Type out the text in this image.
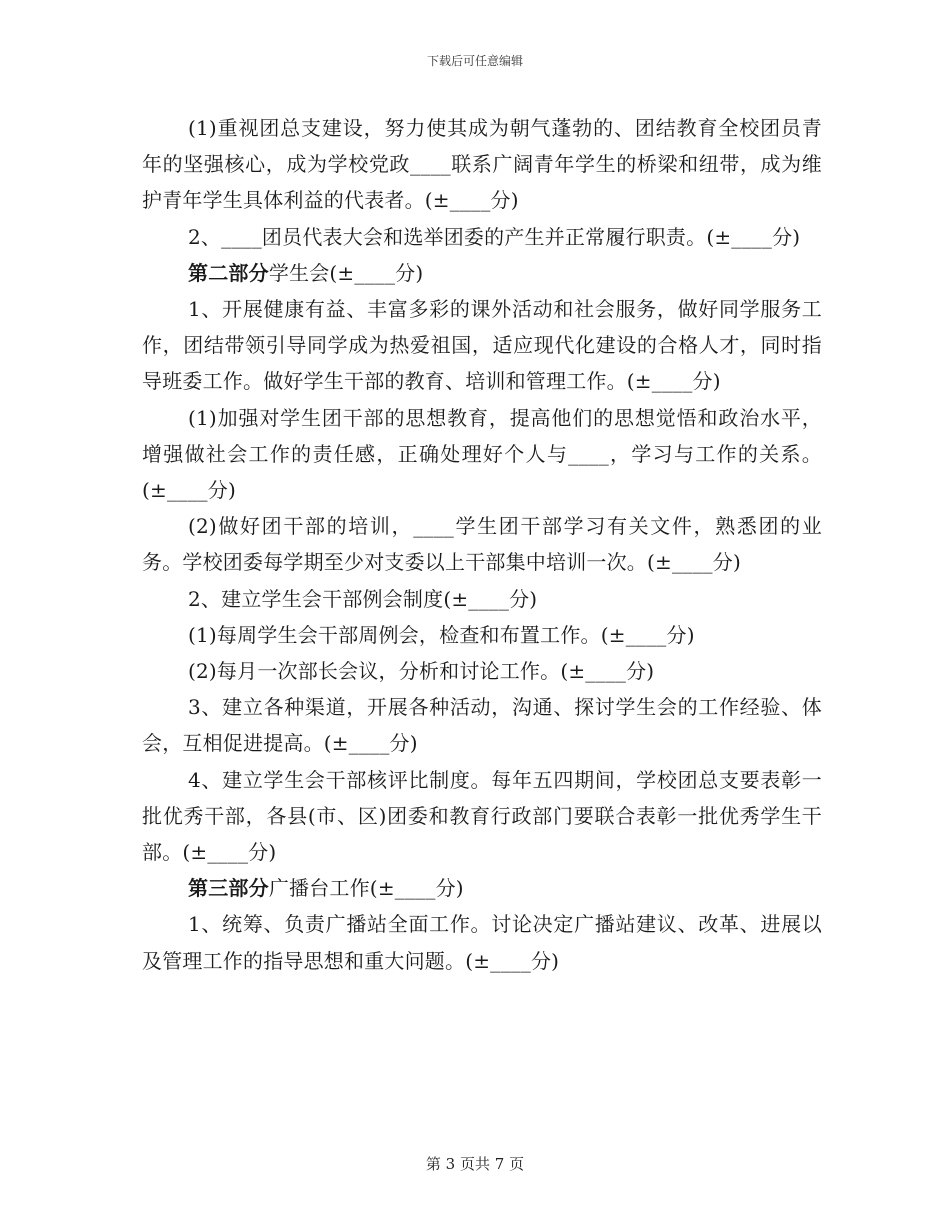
下载后可任意编辑

(1)重视团总支建设，努力使其成为朝气蓬勃的、团结教育全校团员青年的坚强核心，成为学校党政____联系广阔青年学生的桥梁和纽带，成为维护青年学生具体利益的代表者。(±____分)

2、____团员代表大会和选举团委的产生并正常履行职责。(±____分)

第二部分学生会(±____分)

1、开展健康有益、丰富多彩的课外活动和社会服务，做好同学服务工作，团结带领引导同学成为热爱祖国，适应现代化建设的合格人才，同时指导班委工作。做好学生干部的教育、培训和管理工作。(±____分)

(1)加强对学生团干部的思想教育，提高他们的思想觉悟和政治水平，增强做社会工作的责任感，正确处理好个人与____，学习与工作的关系。(±____分)

(2)做好团干部的培训，____学生团干部学习有关文件，熟悉团的业务。学校团委每学期至少对支委以上干部集中培训一次。(±____分)

2、建立学生会干部例会制度(±____分)

(1)每周学生会干部周例会，检查和布置工作。(±____分)

(2)每月一次部长会议，分析和讨论工作。(±____分)

3、建立各种渠道，开展各种活动，沟通、探讨学生会的工作经验、体会，互相促进提高。(±____分)

4、建立学生会干部核评比制度。每年五四期间，学校团总支要表彰一批优秀干部，各县(市、区)团委和教育行政部门要联合表彰一批优秀学生干部。(±____分)

第三部分广播台工作(±____分)

1、统筹、负责广播站全面工作。讨论决定广播站建议、改革、进展以及管理工作的指导思想和重大问题。(±____分)

第 3 页共 7 页
